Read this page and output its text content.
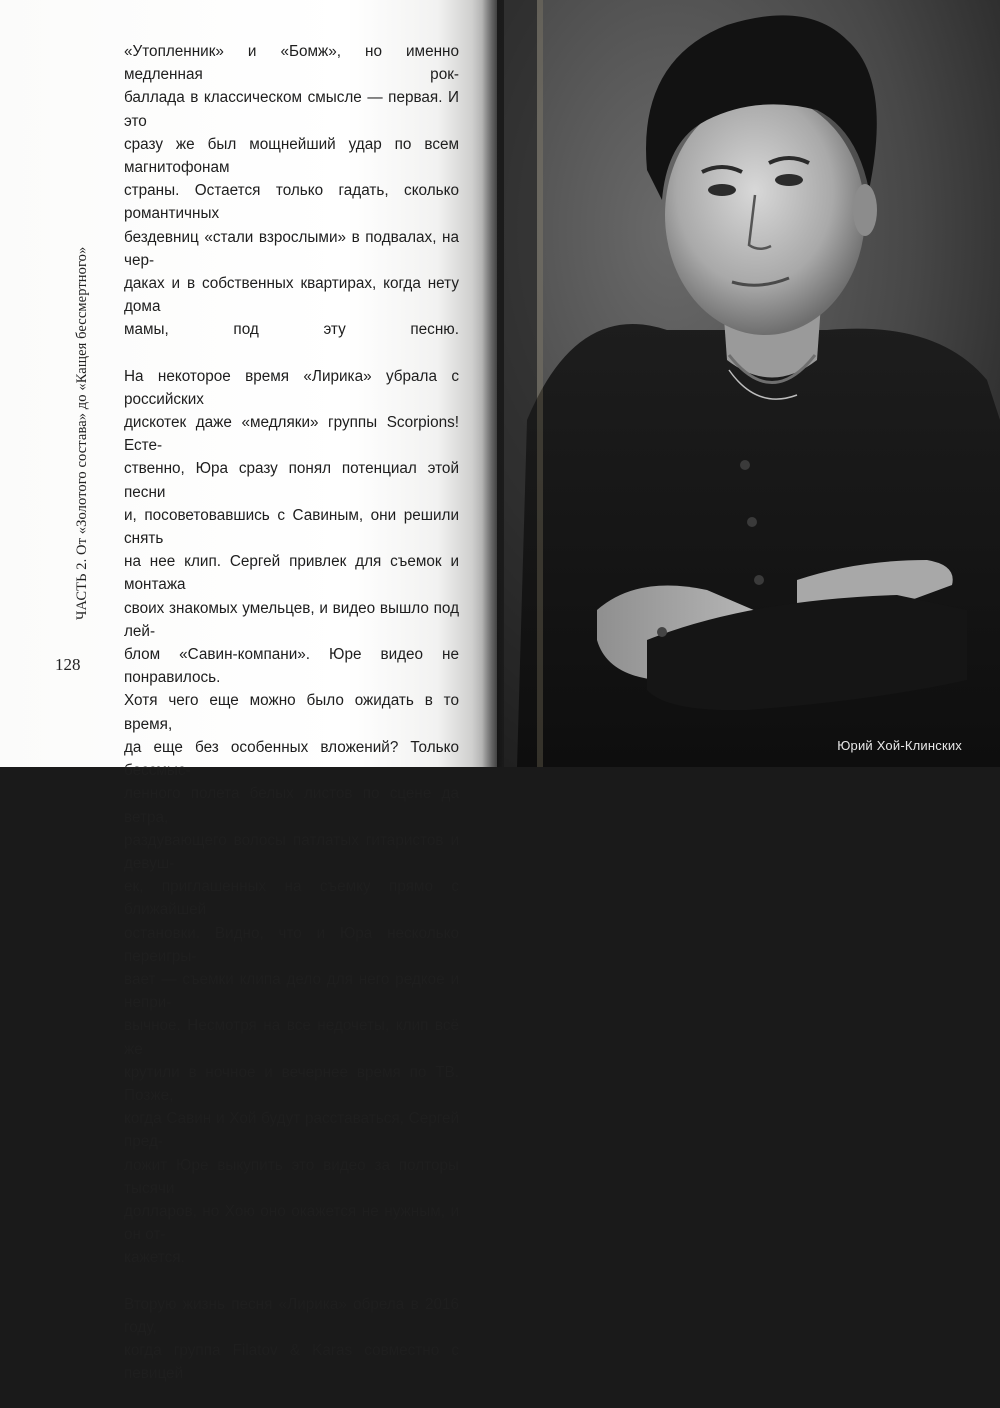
ЧАСТЬ 2. От «Золотого состава» до «Кащея бессмертного»
128

«Утопленник» и «Бомж», но именно медленная рок-
баллада в классическом смысле — первая. И это
сразу же был мощнейший удар по всем магнитофонам
страны. Остается только гадать, сколько романтичных
бездевниц «стали взрослыми» в подвалах, на чер-
даках и в собственных квартирах, когда нету дома
мамы, под эту песню.

На некоторое время «Лирика» убрала с российских
дискотек даже «медляки» группы Scorpions! Есте-
ственно, Юра сразу понял потенциал этой песни
и, посоветовавшись с Савиным, они решили снять
на нее клип. Сергей привлек для съемок и монтажа
своих знакомых умельцев, и видео вышло под лей-
блом «Савин-компани». Юре видео не понравилось.
Хотя чего еще можно было ожидать в то время,
да еще без особенных вложений? Только бессмыс-
ленного полета белых листов по сцене да ветра,
раздувающего волосы патлатых гитаристов и девуш-
ек, приглашенных на съемку прямо с ближайшей
остановки. Видно, что и Юра несколько переигры-
вает — съемки клипа дело для него редкое и непри-
вычное. Несмотря на все недочеты, клип всё же
крутили в ночное и вечернее время по ТВ. Позже,
когда Савин и Хой будут расставаться, Сергей пред-
ложит Юре выкупить это видео за полторы тысячи
долларов, но Хою оно окажется не нужным, и он от-
кажется.

Вторую жизнь песня «Лирика» обрела в 2016 году,
когда группа Filatov & Karas совместно с певицей

Юрий Хой-Клинских
